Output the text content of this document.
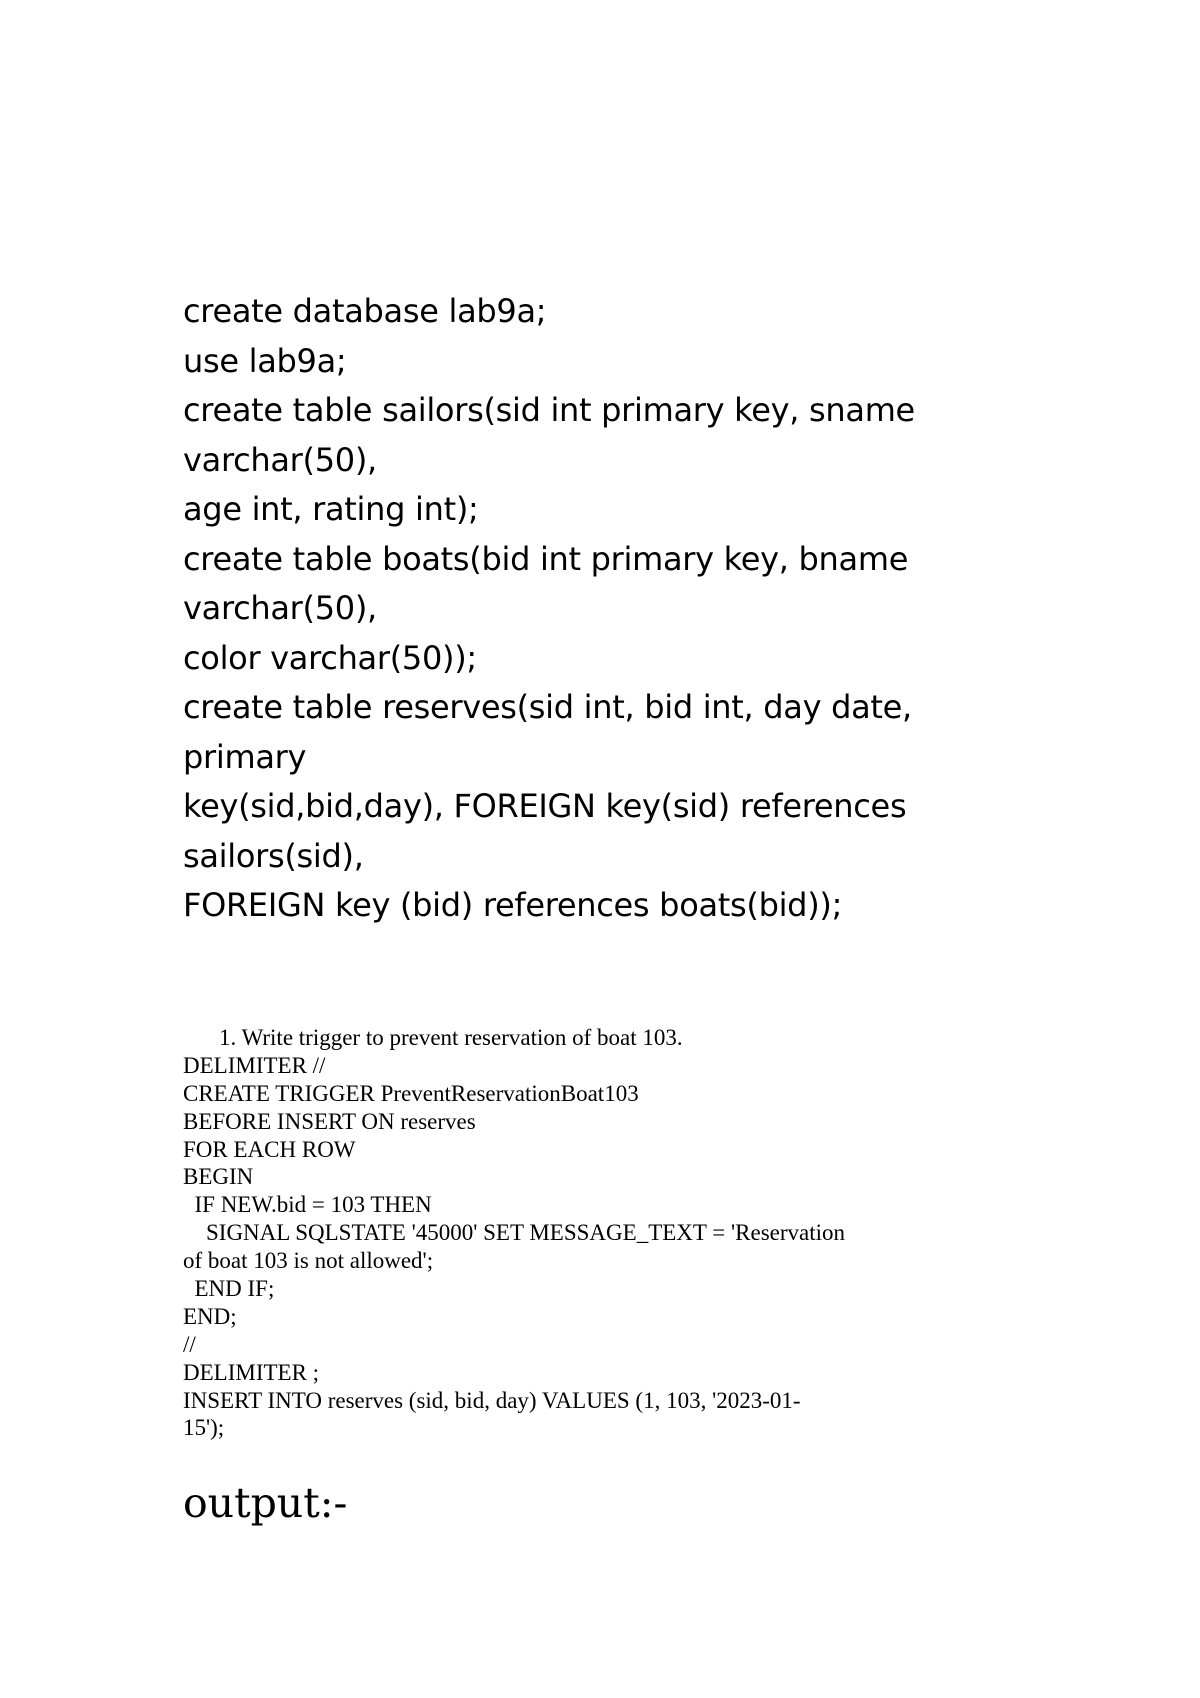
create database lab9a;
use lab9a;
create table sailors(sid int primary key, sname
varchar(50),
age int, rating int);
create table boats(bid int primary key, bname
varchar(50),
color varchar(50));
create table reserves(sid int, bid int, day date,
primary
key(sid,bid,day), FOREIGN key(sid) references
sailors(sid),
FOREIGN key (bid) references boats(bid));
1. Write trigger to prevent reservation of boat 103.
DELIMITER //
CREATE TRIGGER PreventReservationBoat103
BEFORE INSERT ON reserves
FOR EACH ROW
BEGIN
IF NEW.bid = 103 THEN
SIGNAL SQLSTATE '45000' SET MESSAGE_TEXT = 'Reservation
of boat 103 is not allowed';
END IF;
END;
//
DELIMITER ;
INSERT INTO reserves (sid, bid, day) VALUES (1, 103, '2023-01-
15');
output:-
